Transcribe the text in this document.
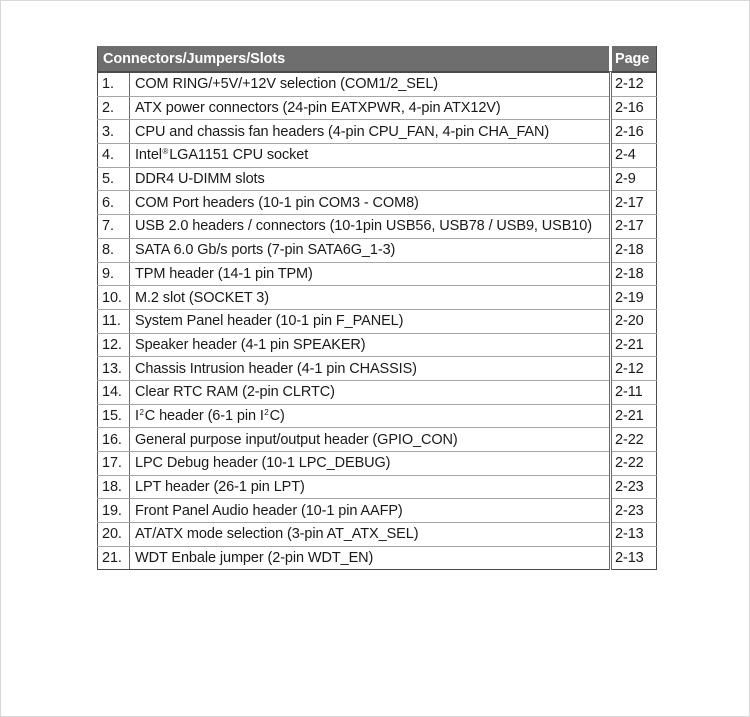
Connectors/Jumpers/Slots		Page
1.	COM RING/+5V/+12V selection (COM1/2_SEL)	2-12
2.	ATX power connectors (24-pin EATXPWR, 4-pin ATX12V)	2-16
3.	CPU and chassis fan headers (4-pin CPU_FAN, 4-pin CHA_FAN)	2-16
4.	Intel®LGA1151 CPU socket	2-4
5.	DDR4 U-DIMM slots	2-9
6.	COM Port headers (10-1 pin COM3 - COM8)	2-17
7.	USB 2.0 headers / connectors (10-1pin USB56, USB78 / USB9, USB10)	2-17
8.	SATA 6.0 Gb/s ports (7-pin SATA6G_1-3)	2-18
9.	TPM header (14-1 pin TPM)	2-18
10.	M.2 slot (SOCKET 3)	2-19
11.	System Panel header (10-1 pin F_PANEL)	2-20
12.	Speaker header (4-1 pin SPEAKER)	2-21
13.	Chassis Intrusion header (4-1 pin CHASSIS)	2-12
14.	Clear RTC RAM (2-pin CLRTC)	2-11
15.	$I^2C$ header (6-1 pin $I^2C$)	2-21
16.	General purpose input/output header (GPIO_CON)	2-22
17.	LPC Debug header (10-1 LPC_DEBUG)	2-22
18.	LPT header (26-1 pin LPT)	2-23
19.	Front Panel Audio header (10-1 pin AAFP)	2-23
20.	AT/ATX mode selection (3-pin AT_ATX_SEL)	2-13
21.	WDT Enbale jumper (2-pin WDT_EN)	2-13
